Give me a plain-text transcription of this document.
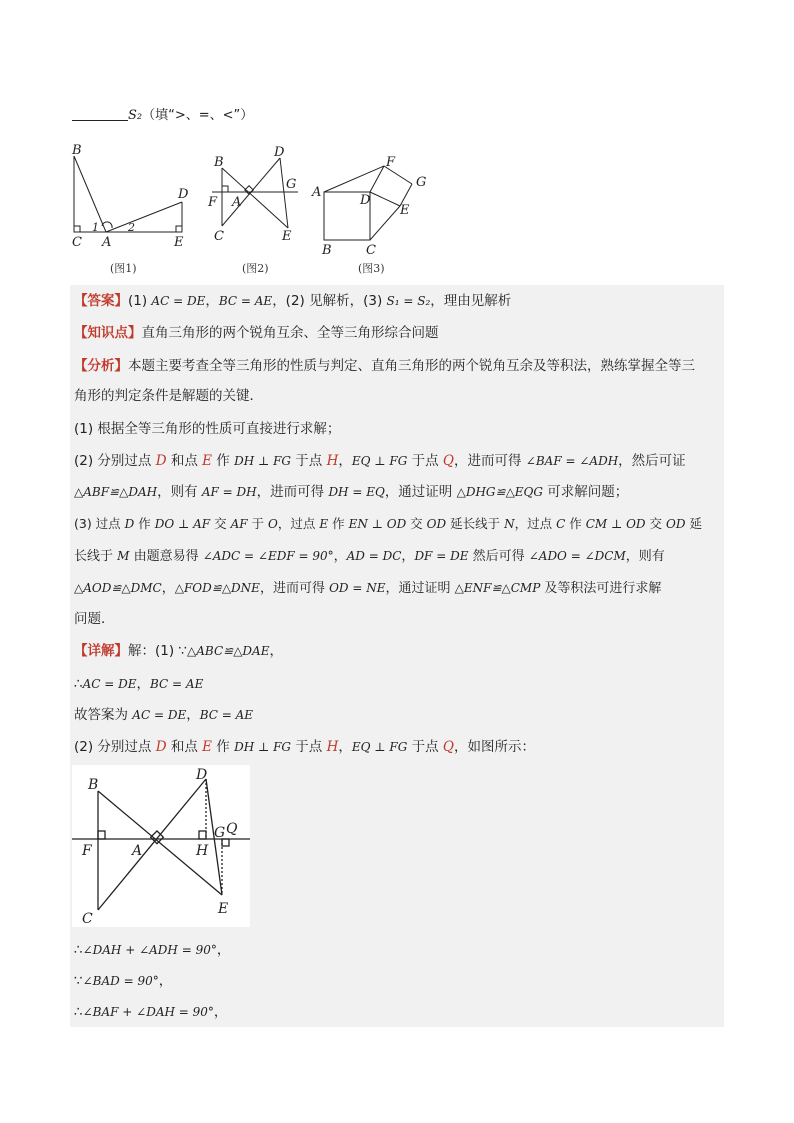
S₂（填“>、=、<”）
B
D
C A	E
1	2
(图1)
B
D
F A
G
C	E
(图2)
F
G
A
D
E
B	C
(图3)
【答案】(1) AC = DE，BC = AE，(2) 见解析，(3) S₁ = S₂，理由见解析
【知识点】直角三角形的两个锐角互余、全等三角形综合问题
【分析】本题主要考查全等三角形的性质与判定、直角三角形的两个锐角互余及等积法，熟练掌握全等三
角形的判定条件是解题的关键．
(1) 根据全等三角形的性质可直接进行求解；
(2) 分别过点 D 和点 E 作 DH ⊥ FG 于点 H，EQ ⊥ FG 于点 Q，进而可得 ∠BAF = ∠ADH，然后可证
△ABF≌△DAH，则有 AF = DH，进而可得 DH = EQ，通过证明 △DHG≌△EQG 可求解问题；
(3) 过点 D 作 DO ⊥ AF 交 AF 于 O，过点 E 作 EN ⊥ OD 交 OD 延长线于 N，过点 C 作 CM ⊥ OD 交 OD 延
长线于 M 由题意易得 ∠ADC = ∠EDF = 90°，AD = DC，DF = DE 然后可得 ∠ADO = ∠DCM，则有
△AOD≌△DMC，△FOD≌△DNE，进而可得 OD = NE，通过证明 △ENF≌△CMP 及等积法可进行求解
问题．
【详解】解：(1) ∵△ABC≌△DAE，
∴AC = DE，BC = AE
故答案为 AC = DE，BC = AE
(2) 分别过点 D 和点 E 作 DH ⊥ FG 于点 H，EQ ⊥ FG 于点 Q，如图所示：
B
D
F	A	H
G Q
C
E
∴∠DAH + ∠ADH = 90°，
∵∠BAD = 90°，
∴∠BAF + ∠DAH = 90°，
